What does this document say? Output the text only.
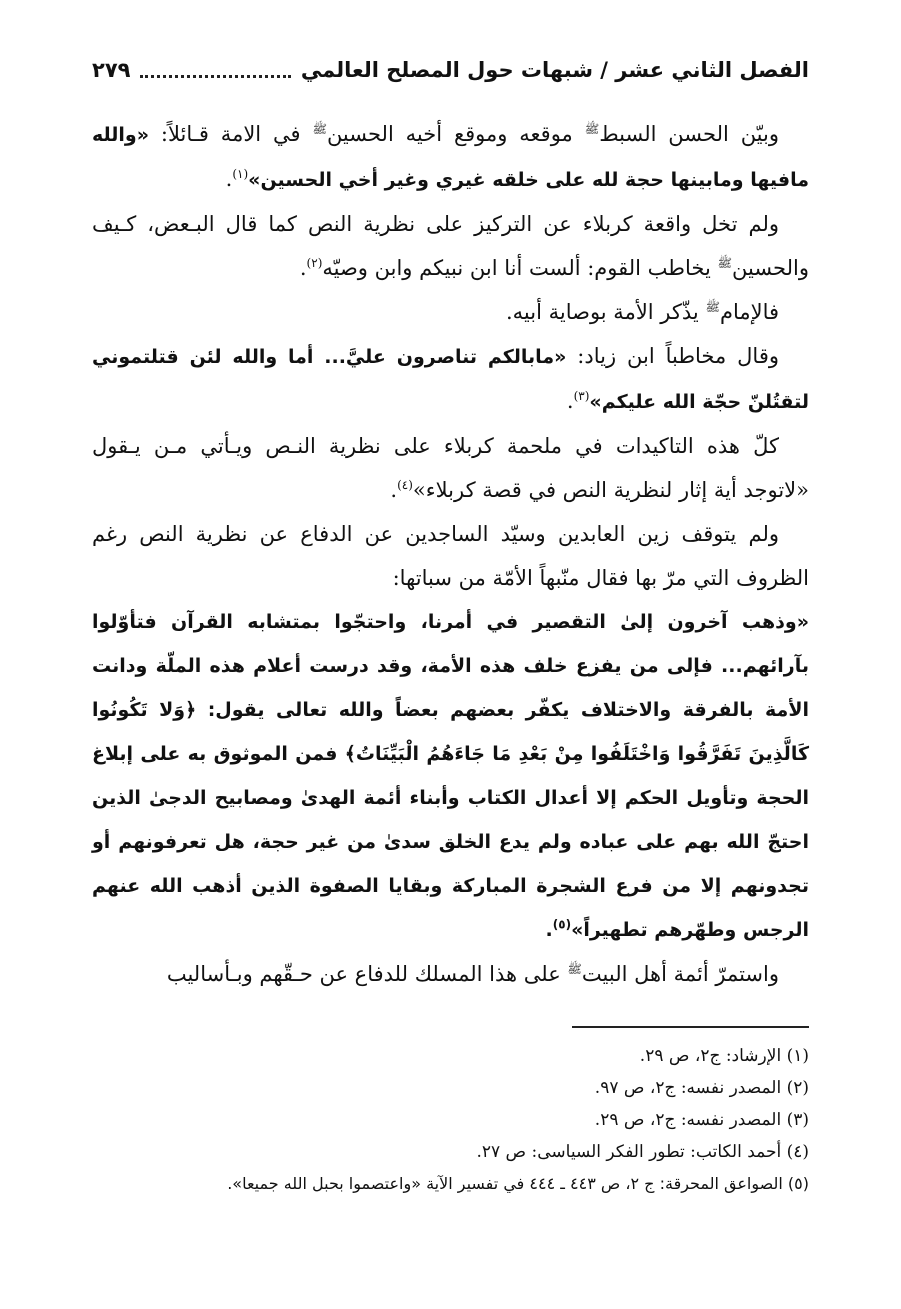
الفصل الثاني عشر / شبهات حول المصلح العالمي
٢٧٩

وبيّن الحسن السبط$^ﷺ$ موقعه وموقع أخيه الحسين$^ﷺ$ في الامة قـائلاً: «والله مافيها ومابينها حجة لله على خلقه غيري وغير أخي الحسين»$^{(١)}$.

ولم تخل واقعة كربلاء عن التركيز على نظرية النص كما قال البـعض، كـيف والحسين$^ﷺ$ يخاطب القوم: ألست أنا ابن نبيكم وابن وصيّه$^{(٢)}$.

فالإمام$^ﷺ$ يذّكر الأمة بوصاية أبيه.

وقال مخاطباً ابن زياد: «مابالكم تناصرون عليَّ... أما والله لئن قتلتموني لتقتُلنّ حجّة الله عليكم»$^{(٣)}$.

كلّ هذه التاكيدات في ملحمة كربلاء على نظرية النـص ويـأتي مـن يـقول «لاتوجد أية إثار لنظرية النص في قصة كربلاء»$^{(٤)}$.

ولم يتوقف زين العابدين وسيّد الساجدين عن الدفاع عن نظرية النص رغم الظروف التي مرّ بها فقال منّبهاً الأمّة من سباتها:

«وذهب آخرون إلىٰ التقصير في أمرنا، واحتجّوا بمتشابه القرآن فتأوّلوا بآرائهم... فإلى من يفزع خلف هذه الأمة، وقد درست أعلام هذه الملّة ودانت الأمة بالفرقة والاختلاف يكفّر بعضهم بعضاً والله تعالى يقول: ﴿وَلا تَكُونُوا كَالَّذِينَ تَفَرَّقُوا وَاخْتَلَفُوا مِنْ بَعْدِ مَا جَاءَهُمُ الْبَيِّنَاتُ﴾ فمن الموثوق به على إبلاغ الحجة وتأويل الحكم إلا أعدال الكتاب وأبناء أئمة الهدىٰ ومصابيح الدجىٰ الذين احتجّ الله بهم على عباده ولم يدع الخلق سدىٰ من غير حجة، هل تعرفونهم أو تجدونهم إلا من فرع الشجرة المباركة وبقايا الصفوة الذين أذهب الله عنهم الرجس وطهّرهم تطهيراً»$^{(٥)}$.

واستمرّ أئمة أهل البيت$^ﷺ$ على هذا المسلك للدفاع عن حـقّهم وبـأساليب

(١) الإرشاد: ج٢، ص ٢٩.

(٢) المصدر نفسه: ج٢، ص ٩٧.

(٣) المصدر نفسه: ج٢، ص ٢٩.

(٤) أحمد الكاتب: تطور الفكر السياسى: ص ٢٧.

(٥) الصواعق المحرقة: ج ٢، ص ٤٤٣ ـ ٤٤٤ في تفسير الآية «واعتصموا بحبل الله جميعا».
